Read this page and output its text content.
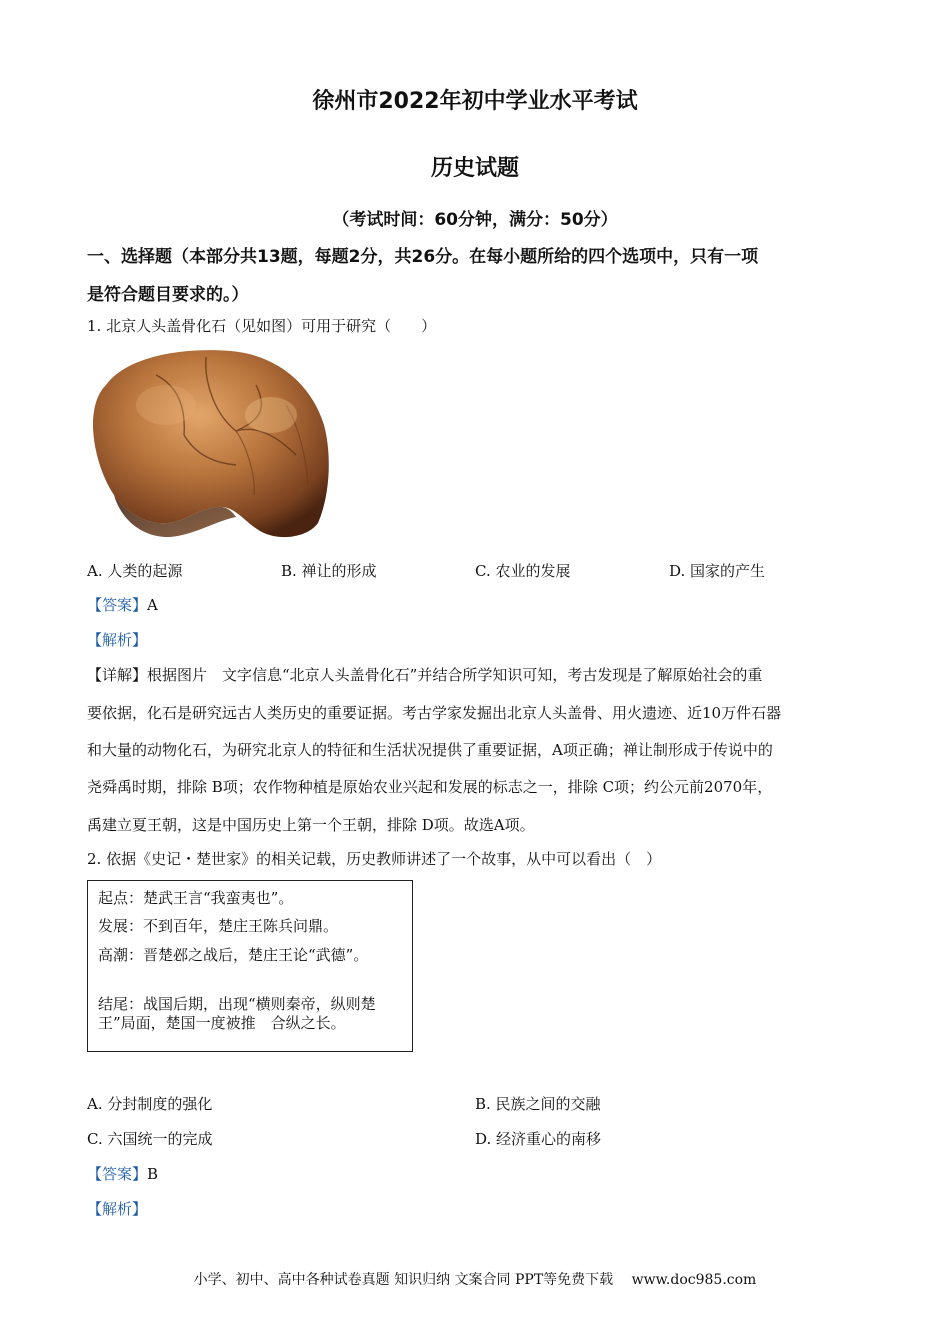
徐州市2022年初中学业水平考试
历史试题
（考试时间：60分钟，满分：50分）
一、选择题（本部分共13题，每题2分，共26分。在每小题所给的四个选项中，只有一项
是符合题目要求的。）
1. 北京人头盖骨化石（见如图）可用于研究（　　）
A. 人类的起源	B. 禅让的形成	C. 农业的发展	D. 国家的产生
【答案】A
【解析】
【详解】根据图片　文字信息“北京人头盖骨化石”并结合所学知识可知，考古发现是了解原始社会的重
要依据，化石是研究远古人类历史的重要证据。考古学家发掘出北京人头盖骨、用火遗迹、近10万件石器
和大量的动物化石，为研究北京人的特征和生活状况提供了重要证据，A项正确；禅让制形成于传说中的
尧舜禹时期，排除 B项；农作物种植是原始农业兴起和发展的标志之一，排除 C项；约公元前2070年，
禹建立夏王朝，这是中国历史上第一个王朝，排除 D项。故选A项。
2. 依据《史记・楚世家》的相关记载，历史教师讲述了一个故事，从中可以看出（　）

起点：楚武王言“我蛮夷也”。

发展：不到百年，楚庄王陈兵问鼎。

高潮：晋楚邲之战后，楚庄王论“武德”。

结尾：战国后期，出现“横则秦帝，纵则楚王”局面，楚国一度被推　合纵之长。

A. 分封制度的强化	B. 民族之间的交融
C. 六国统一的完成	D. 经济重心的南移
【答案】B
【解析】
小学、初中、高中各种试卷真题 知识归纳 文案合同 PPT等免费下载　 www.doc985.com
